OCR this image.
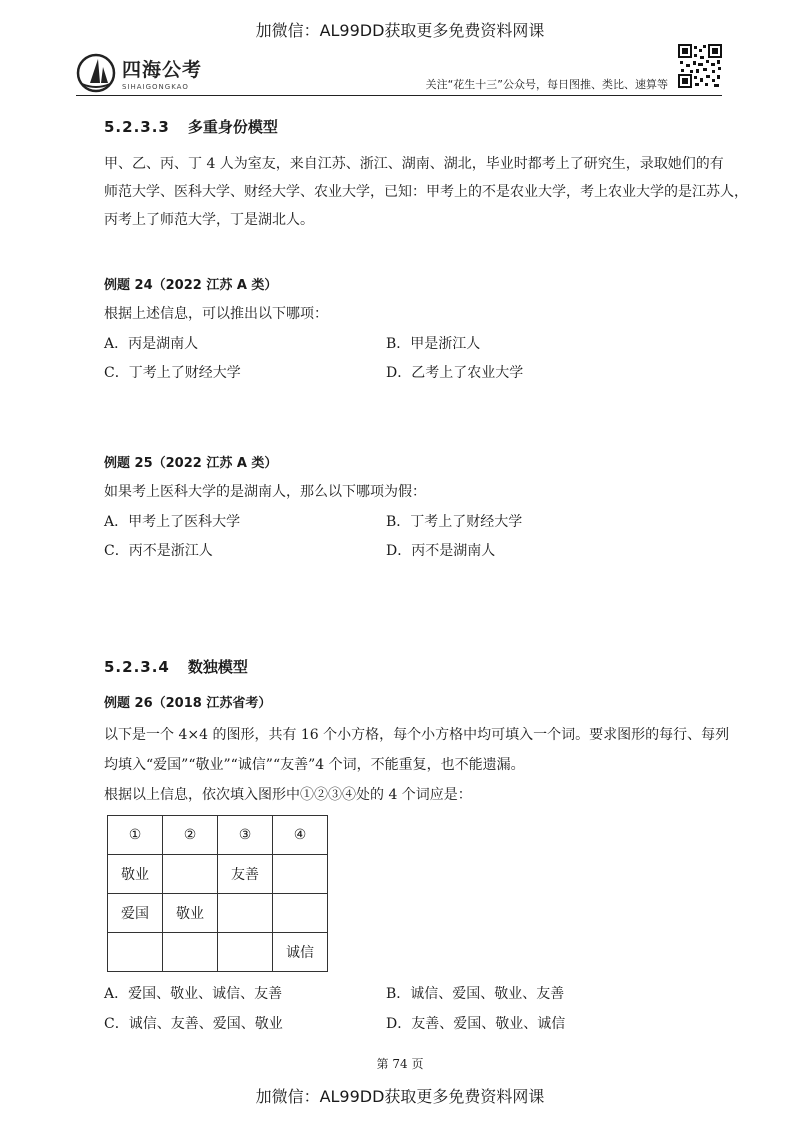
加微信：AL99DD获取更多免费资料网课
四海公考
SIHAIGONGKAO	关注“花生十三”公众号，每日图推、类比、速算等
5.2.3.3 多重身份模型
甲、乙、丙、丁 4 人为室友，来自江苏、浙江、湖南、湖北，毕业时都考上了研究生，录取她们的有
师范大学、医科大学、财经大学、农业大学，已知：甲考上的不是农业大学，考上农业大学的是江苏人，
丙考上了师范大学，丁是湖北人。
例题 24（2022 江苏 A 类）
根据上述信息，可以推出以下哪项：
A．丙是湖南人	B．甲是浙江人
C．丁考上了财经大学	D．乙考上了农业大学
例题 25（2022 江苏 A 类）
如果考上医科大学的是湖南人，那么以下哪项为假：
A．甲考上了医科大学	B．丁考上了财经大学
C．丙不是浙江人	D．丙不是湖南人
5.2.3.4 数独模型
例题 26（2018 江苏省考）
以下是一个 4×4 的图形，共有 16 个小方格，每个小方格中均可填入一个词。要求图形的每行、每列
均填入“爱国”“敬业”“诚信”“友善”4 个词，不能重复，也不能遗漏。
根据以上信息，依次填入图形中①②③④处的 4 个词应是：
①	②	③	④
敬业		友善	
爱国	敬业		
			诚信
A．爱国、敬业、诚信、友善	B．诚信、爱国、敬业、友善
C．诚信、友善、爱国、敬业	D．友善、爱国、敬业、诚信
第 74 页
加微信：AL99DD获取更多免费资料网课
